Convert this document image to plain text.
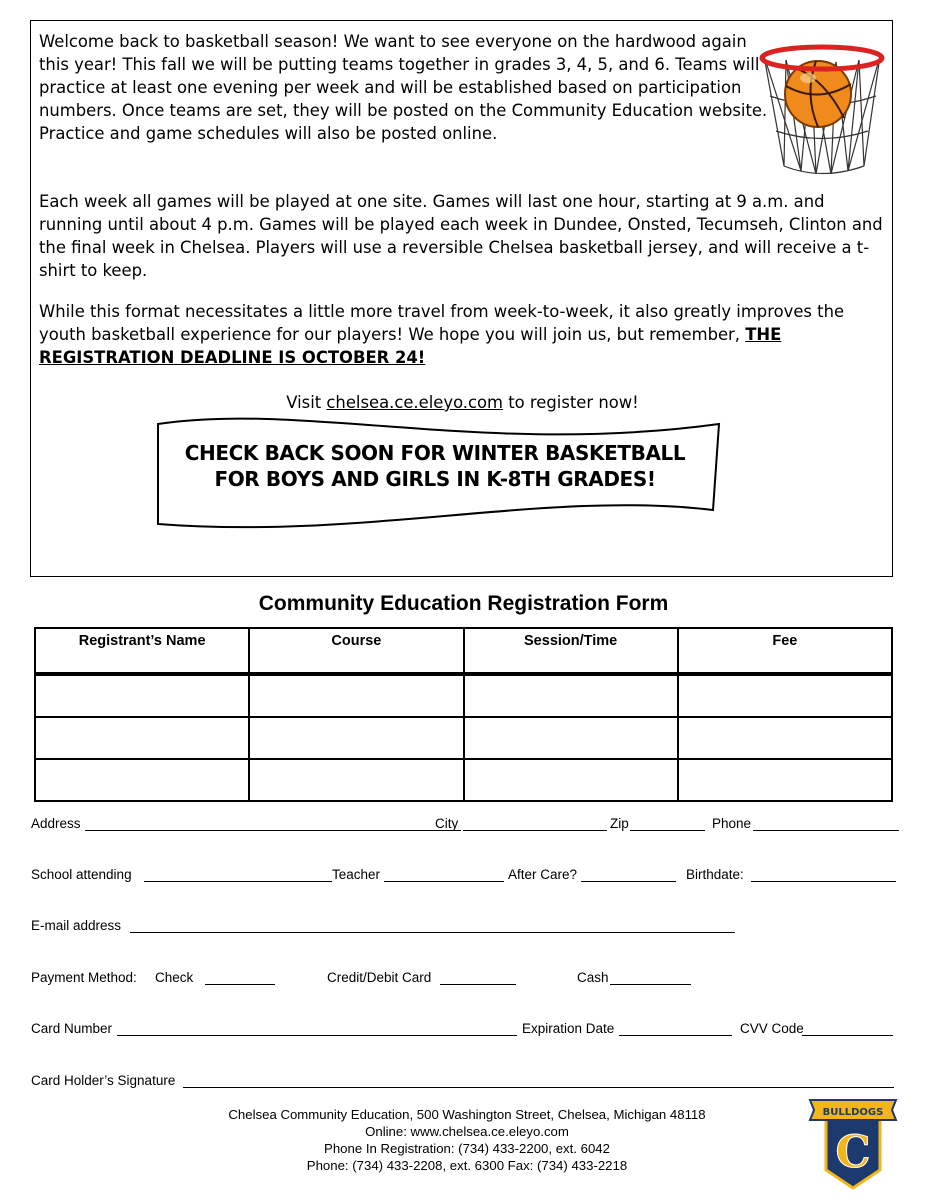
Welcome back to basketball season! We want to see everyone on the hardwood again this year! This fall we will be putting teams together in grades 3, 4, 5, and 6. Teams will practice at least one evening per week and will be established based on participation numbers. Once teams are set, they will be posted on the Community Education website. Practice and game schedules will also be posted online.

Each week all games will be played at one site. Games will last one hour, starting at 9 a.m. and running until about 4 p.m. Games will be played each week in Dundee, Onsted, Tecumseh, Clinton and the final week in Chelsea. Players will use a reversible Chelsea basketball jersey, and will receive a t-shirt to keep.

While this format necessitates a little more travel from week-to-week, it also greatly improves the youth basketball experience for our players! We hope you will join us, but remember, THE REGISTRATION DEADLINE IS OCTOBER 24!

Visit chelsea.ce.eleyo.com to register now!
CHECK BACK SOON FOR WINTER BASKETBALL
FOR BOYS AND GIRLS IN K-8TH GRADES!
Community Education Registration Form
Registrant’s Name	Course	Session/Time	Fee

Address	City	Zip	Phone
School attending	Teacher	After Care?	Birthdate:
E-mail address
Payment Method: Check	Credit/Debit Card	Cash
Card Number	Expiration Date	CVV Code
Card Holder’s Signature
Chelsea Community Education, 500 Washington Street, Chelsea, Michigan 48118
Online: www.chelsea.ce.eleyo.com
Phone In Registration: (734) 433-2200, ext. 6042
Phone: (734) 433-2208, ext. 6300 Fax: (734) 433-2218
BULLDOGS
C
